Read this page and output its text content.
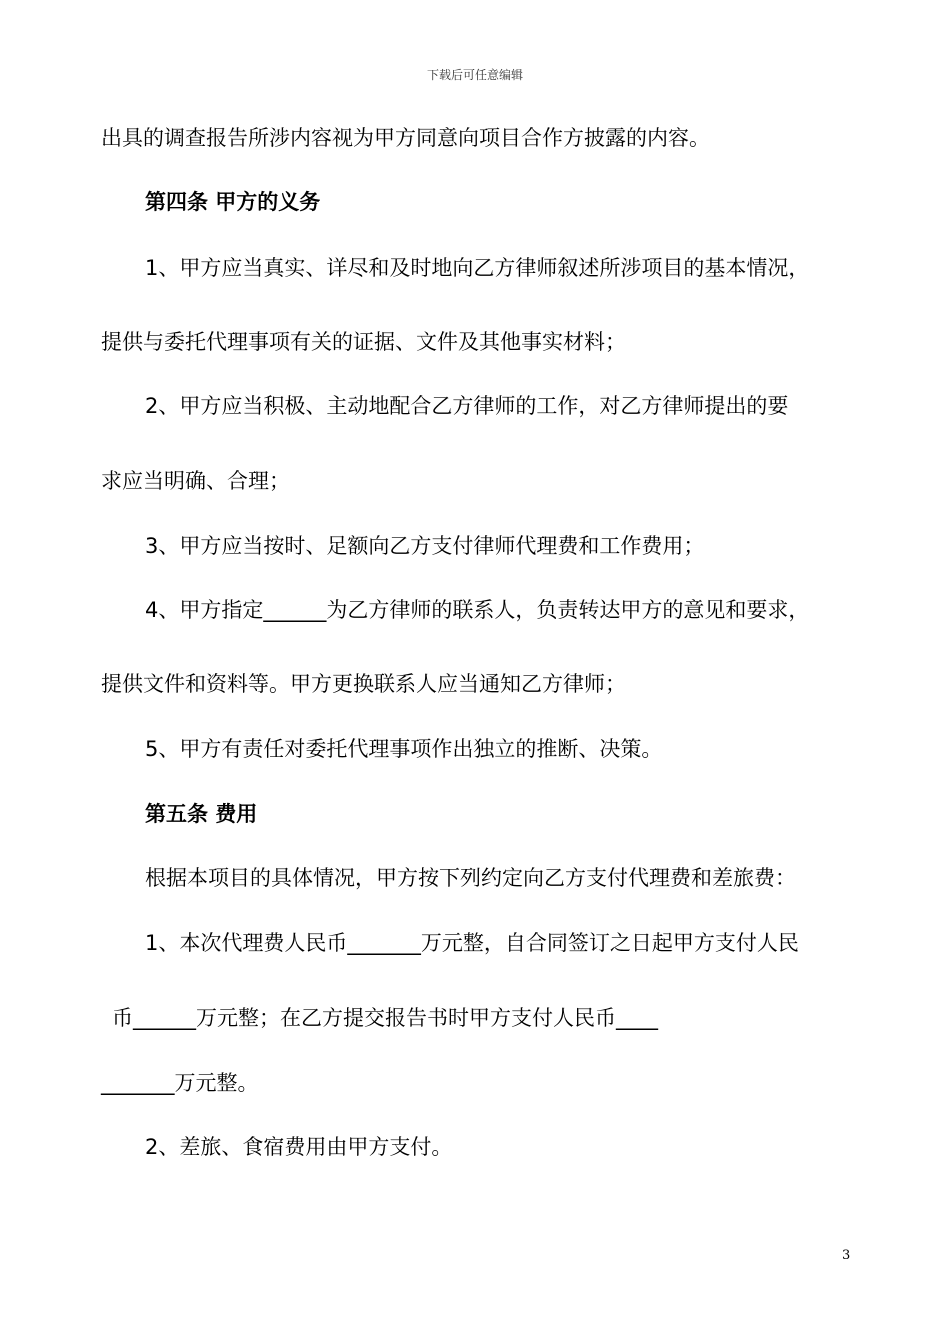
下载后可任意编辑
出具的调查报告所涉内容视为甲方同意向项目合作方披露的内容。
第四条 甲方的义务
1、甲方应当真实、详尽和及时地向乙方律师叙述所涉项目的基本情况，
提供与委托代理事项有关的证据、文件及其他事实材料；
2、甲方应当积极、主动地配合乙方律师的工作，对乙方律师提出的要
求应当明确、合理；
3、甲方应当按时、足额向乙方支付律师代理费和工作费用；
4、甲方指定______为乙方律师的联系人，负责转达甲方的意见和要求，
提供文件和资料等。甲方更换联系人应当通知乙方律师；
5、甲方有责任对委托代理事项作出独立的推断、决策。
第五条 费用
根据本项目的具体情况，甲方按下列约定向乙方支付代理费和差旅费：
1、本次代理费人民币_______万元整，自合同签订之日起甲方支付人民
币______万元整；在乙方提交报告书时甲方支付人民币____
_______万元整。
2、差旅、食宿费用由甲方支付。
3
